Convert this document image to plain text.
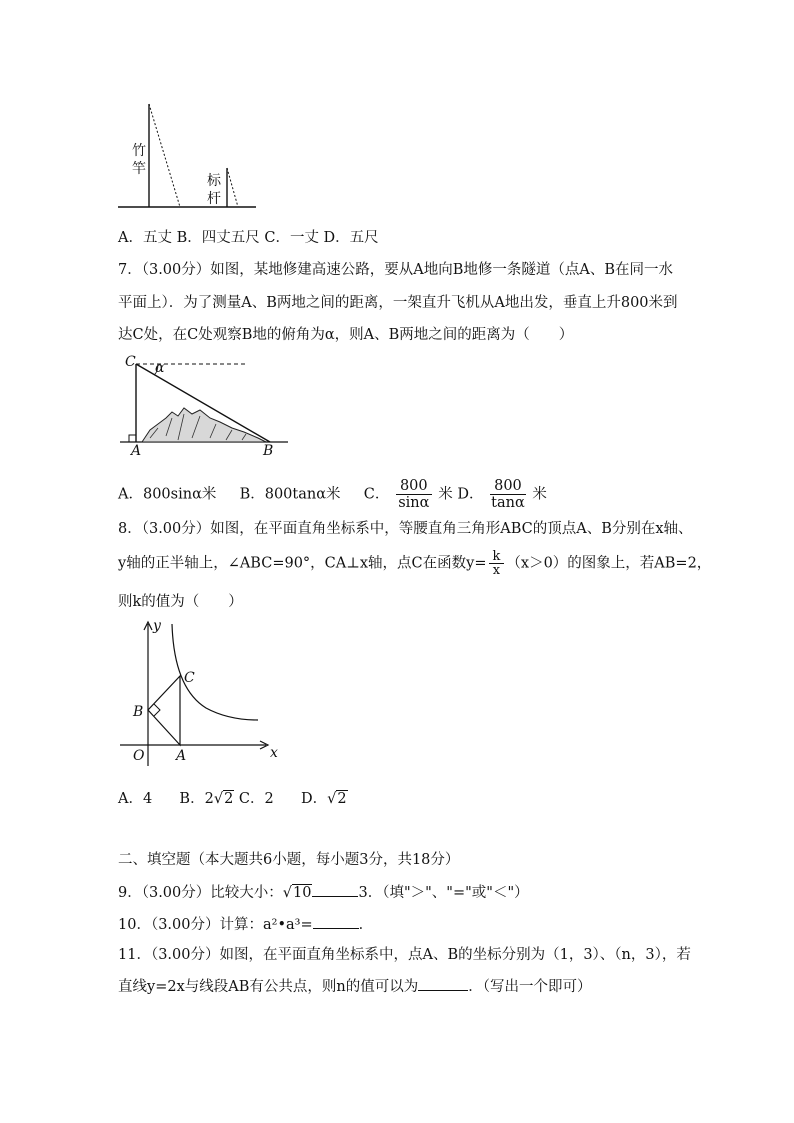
竹
竿
标
杆
A．五丈 B．四丈五尺 C．一丈 D．五尺
7．（3.00分）如图，某地修建高速公路，要从A地向B地修一条隧道（点A、B在同一水
平面上）．为了测量A、B两地之间的距离，一架直升飞机从A地出发，垂直上升800米到
达C处，在C处观察B地的俯角为α，则A、B两地之间的距离为（　　）
C α
A	B
A．800sinα米 B．800tanα米 C． $\frac{800}{\sin\alpha}$ 米 D． $\frac{800}{\tan\alpha}$ 米
8．（3.00分）如图，在平面直角坐标系中，等腰直角三角形ABC的顶点A、B分别在x轴、
y轴的正半轴上，∠ABC=90°，CA⊥x轴，点C在函数$y= \frac{k}{x} (x>0)$的图象上，若AB=2，
则k的值为（　　）
y
C
B
O A	x
A．4 B．2√2 C．2 D．√2
二、填空题（本大题共6小题，每小题3分，共18分）
9．（3.00分）比较大小：√10	3．（填"＞"、"="或"＜"）
10．（3.00分）计算：a²•a³=	．
11．（3.00分）如图，在平面直角坐标系中，点A、B的坐标分别为（1，3）、（n，3），若
直线y=2x与线段AB有公共点，则n的值可以为	．（写出一个即可）
